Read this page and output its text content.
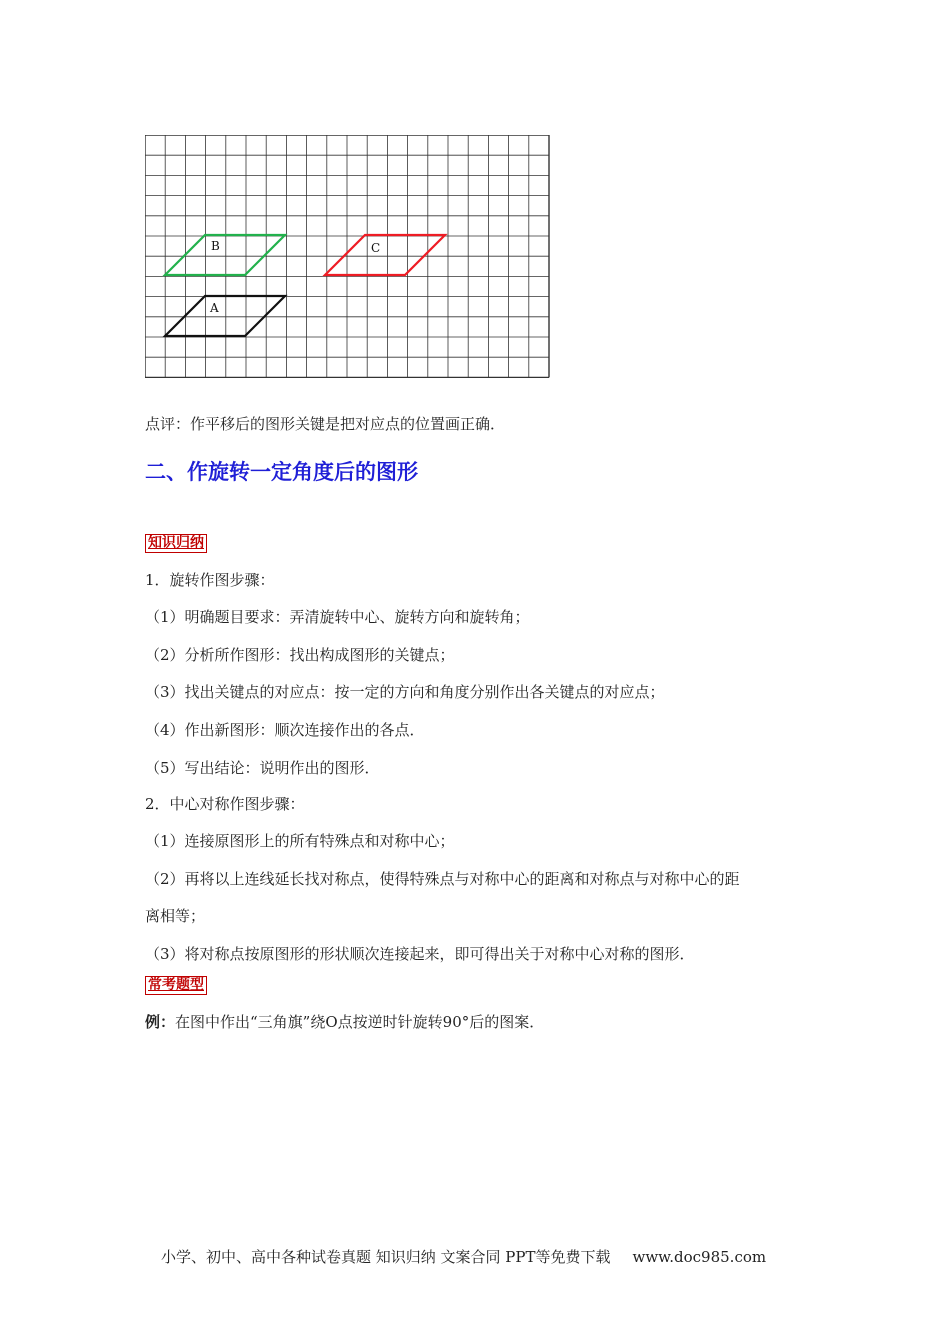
B	C
A
点评：作平移后的图形关键是把对应点的位置画正确．
二、作旋转一定角度后的图形
知识归纳
1．旋转作图步骤：
（1）明确题目要求：弄清旋转中心、旋转方向和旋转角；
（2）分析所作图形：找出构成图形的关键点；
（3）找出关键点的对应点：按一定的方向和角度分别作出各关键点的对应点；
（4）作出新图形：顺次连接作出的各点．
（5）写出结论：说明作出的图形．
2．中心对称作图步骤：
（1）连接原图形上的所有特殊点和对称中心；
（2）再将以上连线延长找对称点，使得特殊点与对称中心的距离和对称点与对称中心的距
离相等；
（3）将对称点按原图形的形状顺次连接起来，即可得出关于对称中心对称的图形．
常考题型
例：在图中作出“三角旗”绕O点按逆时针旋转90°后的图案．
小学、初中、高中各种试卷真题 知识归纳 文案合同 PPT等免费下载 www.doc985.com
